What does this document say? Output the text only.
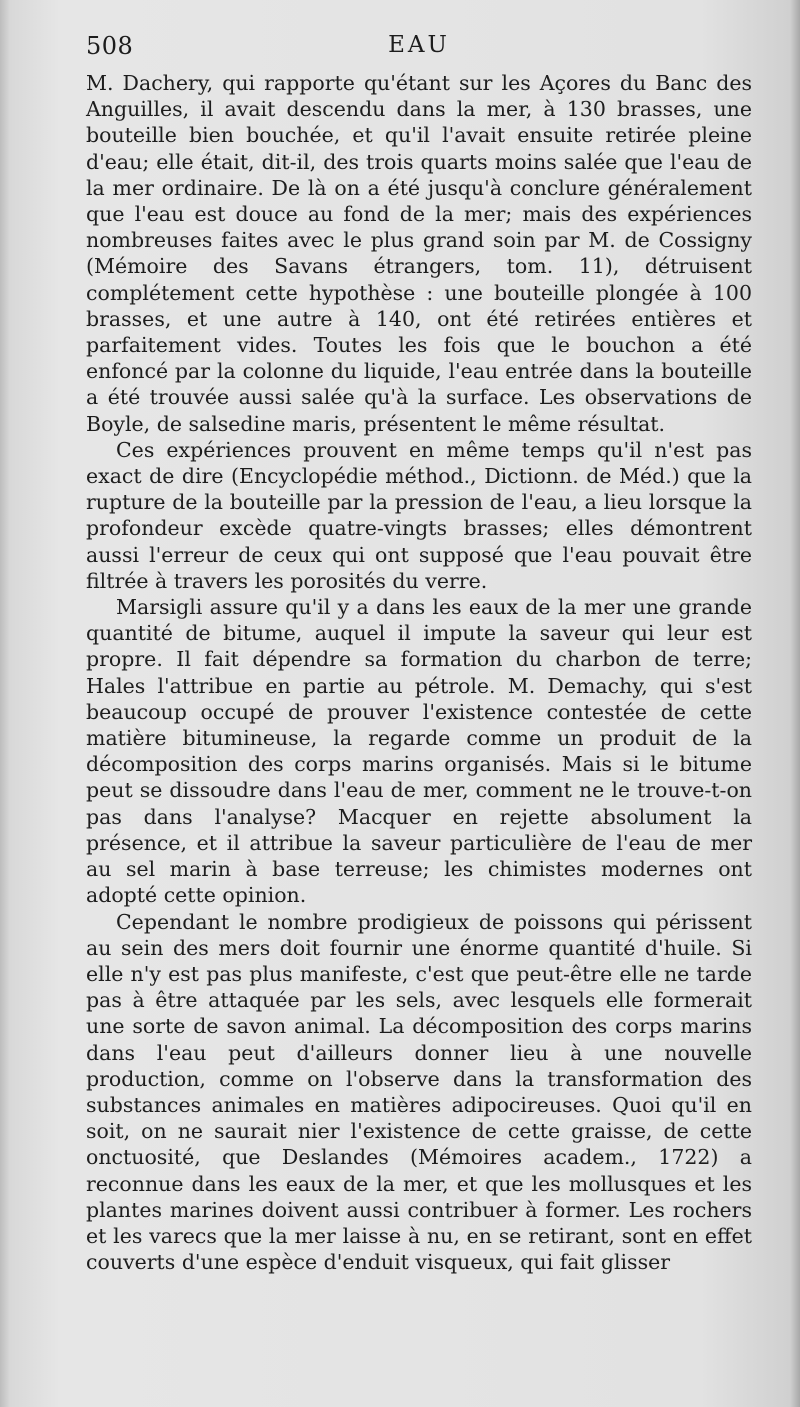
508	EAU

M. Dachery, qui rapporte qu'étant sur les Açores du Banc des Anguilles, il avait descendu dans la mer, à 130 brasses, une bouteille bien bouchée, et qu'il l'avait ensuite retirée pleine d'eau; elle était, dit-il, des trois quarts moins salée que l'eau de la mer ordinaire. De là on a été jusqu'à conclure généralement que l'eau est douce au fond de la mer; mais des expériences nombreuses faites avec le plus grand soin par M. de Cossigny (Mémoire des Savans étrangers, tom. 11), détruisent complétement cette hypothèse : une bouteille plongée à 100 brasses, et une autre à 140, ont été retirées entières et parfaitement vides. Toutes les fois que le bouchon a été enfoncé par la colonne du liquide, l'eau entrée dans la bouteille a été trouvée aussi salée qu'à la surface. Les observations de Boyle, de salsedine maris, présentent le même résultat.

Ces expériences prouvent en même temps qu'il n'est pas exact de dire (Encyclopédie méthod., Dictionn. de Méd.) que la rupture de la bouteille par la pression de l'eau, a lieu lorsque la profondeur excède quatre-vingts brasses; elles démontrent aussi l'erreur de ceux qui ont supposé que l'eau pouvait être filtrée à travers les porosités du verre.

Marsigli assure qu'il y a dans les eaux de la mer une grande quantité de bitume, auquel il impute la saveur qui leur est propre. Il fait dépendre sa formation du charbon de terre; Hales l'attribue en partie au pétrole. M. Demachy, qui s'est beaucoup occupé de prouver l'existence contestée de cette matière bitumineuse, la regarde comme un produit de la décomposition des corps marins organisés. Mais si le bitume peut se dissoudre dans l'eau de mer, comment ne le trouve-t-on pas dans l'analyse? Macquer en rejette absolument la présence, et il attribue la saveur particulière de l'eau de mer au sel marin à base terreuse; les chimistes modernes ont adopté cette opinion.

Cependant le nombre prodigieux de poissons qui périssent au sein des mers doit fournir une énorme quantité d'huile. Si elle n'y est pas plus manifeste, c'est que peut-être elle ne tarde pas à être attaquée par les sels, avec lesquels elle formerait une sorte de savon animal. La décomposition des corps marins dans l'eau peut d'ailleurs donner lieu à une nouvelle production, comme on l'observe dans la transformation des substances animales en matières adipocireuses. Quoi qu'il en soit, on ne saurait nier l'existence de cette graisse, de cette onctuosité, que Deslandes (Mémoires academ., 1722) a reconnue dans les eaux de la mer, et que les mollusques et les plantes marines doivent aussi contribuer à former. Les rochers et les varecs que la mer laisse à nu, en se retirant, sont en effet couverts d'une espèce d'enduit visqueux, qui fait glisser
